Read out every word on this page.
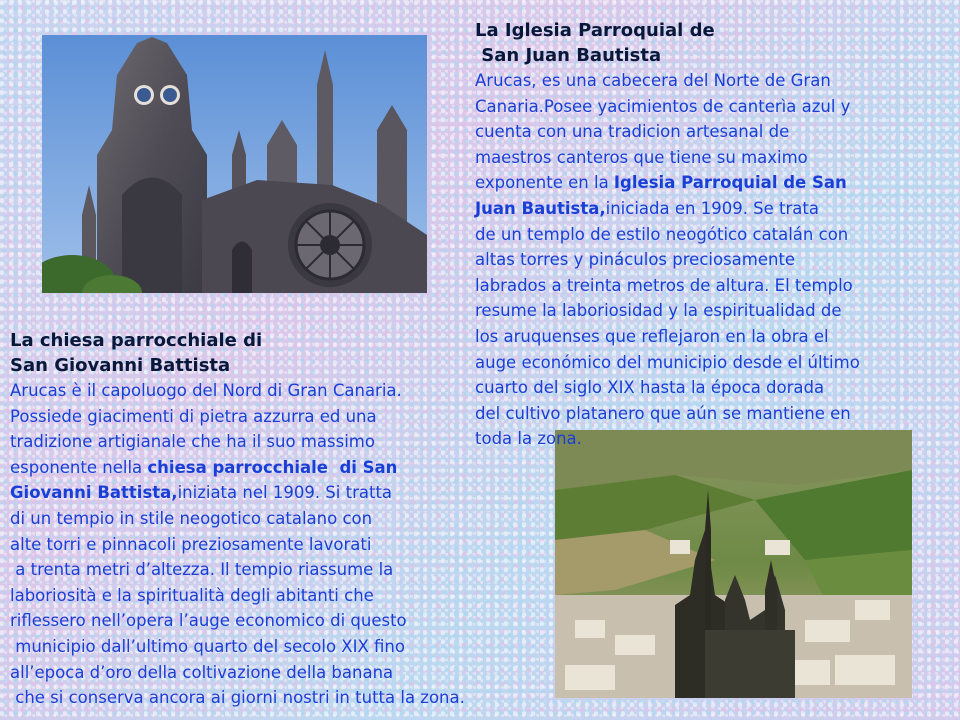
La Iglesia Parroquial de

San Juan Bautista

Arucas, es una cabecera del Norte de Gran

Canaria.Posee yacimientos de canterìa azul y

cuenta con una tradicion artesanal de

maestros canteros que tiene su maximo

exponente en la Iglesia Parroquial de San

Juan Bautista,iniciada en 1909. Se trata

de un templo de estilo neogótico catalán con

altas torres y pináculos preciosamente

labrados a treinta metros de altura. El templo

resume la laboriosidad y la espiritualidad de

los aruquenses que reflejaron en la obra el

auge económico del municipio desde el último

cuarto del siglo XIX hasta la época dorada

del cultivo platanero que aún se mantiene en

toda la zona.

La chiesa parrocchiale di

San Giovanni Battista

Arucas è il capoluogo del Nord di Gran Canaria.

Possiede giacimenti di pietra azzurra ed una

tradizione artigianale che ha il suo massimo

esponente nella chiesa parrocchiale  di San

Giovanni Battista,iniziata nel 1909. Si tratta

di un tempio in stile neogotico catalano con

alte torri e pinnacoli preziosamente lavorati

a trenta metri d’altezza. Il tempio riassume la

laboriosità e la spiritualità degli abitanti che

riflessero nell’opera l’auge economico di questo

municipio dall’ultimo quarto del secolo XIX fino

all’epoca d’oro della coltivazione della banana

che si conserva ancora ai giorni nostri in tutta la zona.
